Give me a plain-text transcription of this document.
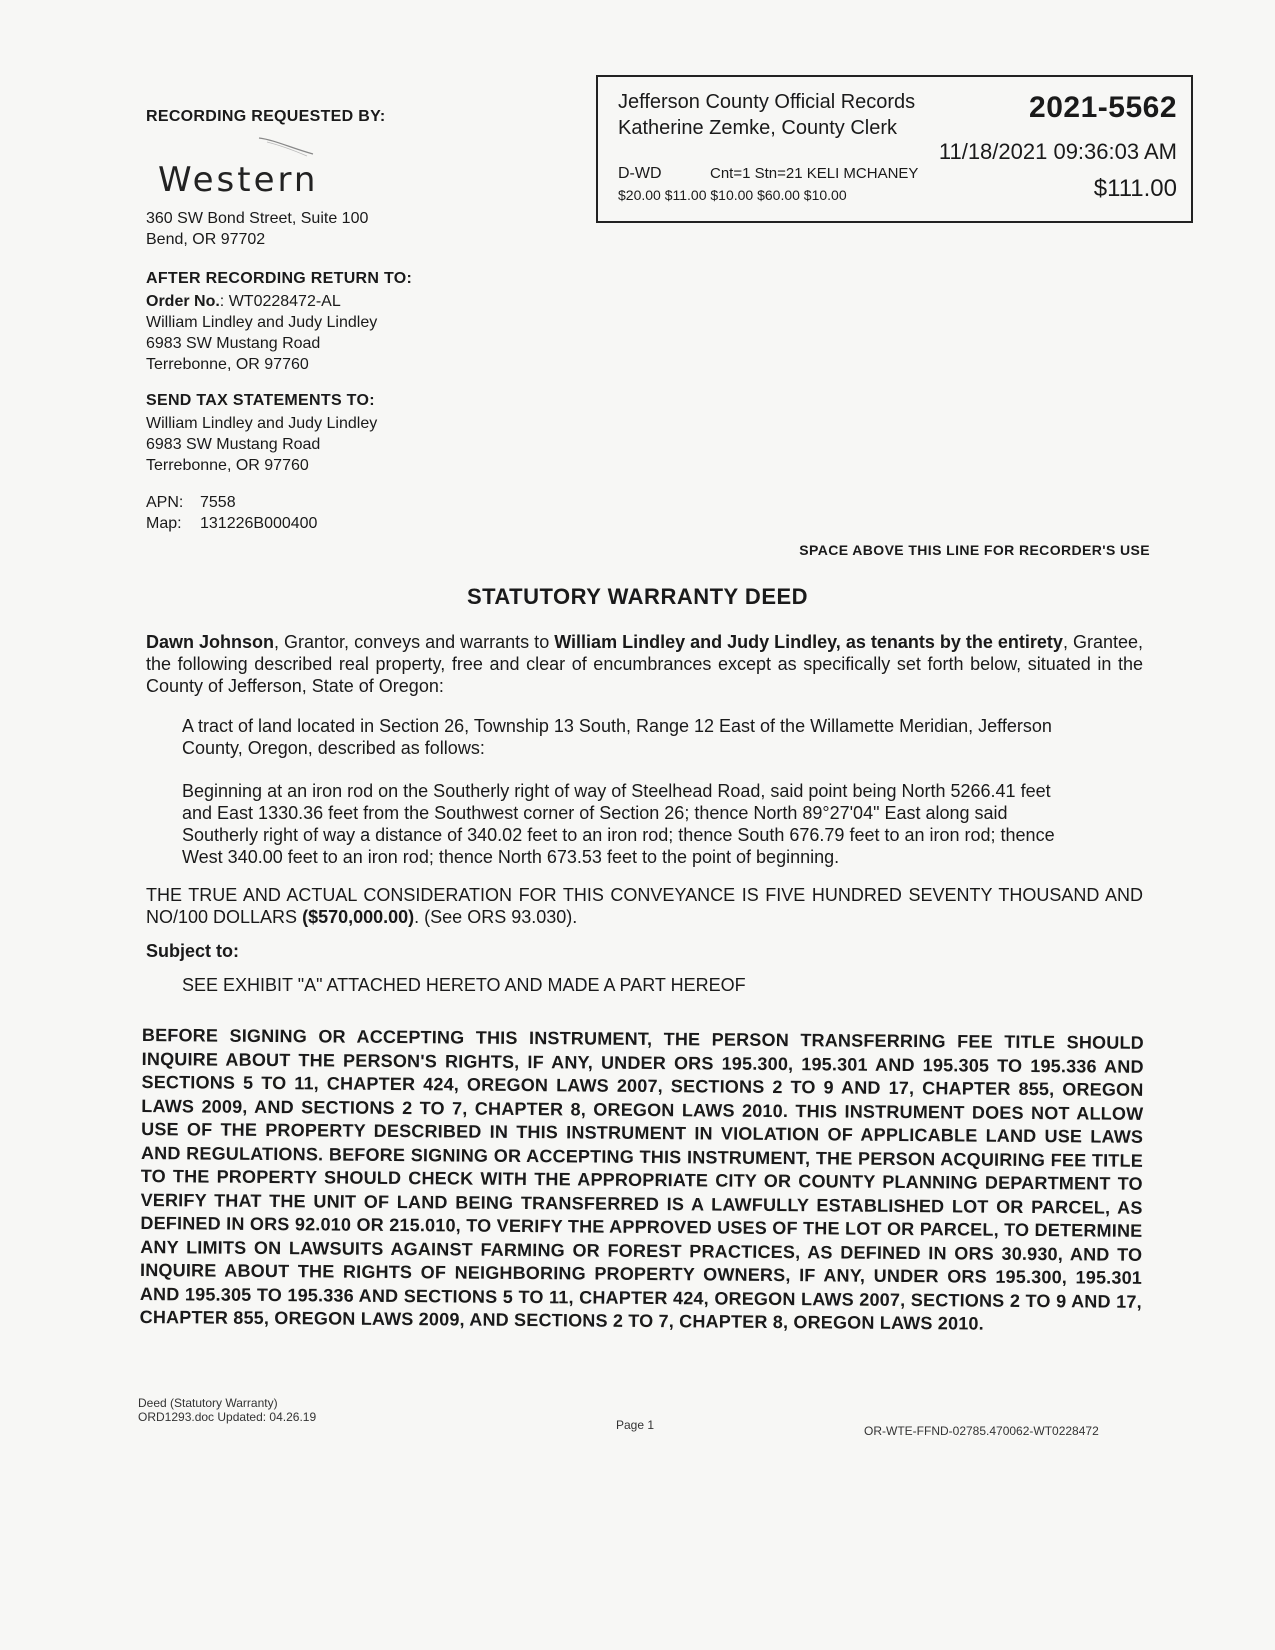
RECORDING REQUESTED BY:
Western
360 SW Bond Street, Suite 100
Bend, OR 97702
AFTER RECORDING RETURN TO:
Order No.: WT0228472-AL
William Lindley and Judy Lindley
6983 SW Mustang Road
Terrebonne, OR 97760
SEND TAX STATEMENTS TO:
William Lindley and Judy Lindley
6983 SW Mustang Road
Terrebonne, OR 97760
APN: 7558
Map: 131226B000400
Jefferson County Official Records
Katherine Zemke, County Clerk
2021-5562
11/18/2021 09:36:03 AM
D-WD	Cnt=1 Stn=21 KELI MCHANEY
$20.00 $11.00 $10.00 $60.00 $10.00	$111.00
SPACE ABOVE THIS LINE FOR RECORDER'S USE
STATUTORY WARRANTY DEED
Dawn Johnson, Grantor, conveys and warrants to William Lindley and Judy Lindley, as tenants by the entirety, Grantee, the following described real property, free and clear of encumbrances except as specifically set forth below, situated in the County of Jefferson, State of Oregon:
A tract of land located in Section 26, Township 13 South, Range 12 East of the Willamette Meridian, Jefferson County, Oregon, described as follows:
Beginning at an iron rod on the Southerly right of way of Steelhead Road, said point being North 5266.41 feet and East 1330.36 feet from the Southwest corner of Section 26; thence North 89°27'04" East along said Southerly right of way a distance of 340.02 feet to an iron rod; thence South 676.79 feet to an iron rod; thence West 340.00 feet to an iron rod; thence North 673.53 feet to the point of beginning.
THE TRUE AND ACTUAL CONSIDERATION FOR THIS CONVEYANCE IS FIVE HUNDRED SEVENTY THOUSAND AND NO/100 DOLLARS ($570,000.00). (See ORS 93.030).
Subject to:
SEE EXHIBIT "A" ATTACHED HERETO AND MADE A PART HEREOF
BEFORE SIGNING OR ACCEPTING THIS INSTRUMENT, THE PERSON TRANSFERRING FEE TITLE SHOULD INQUIRE ABOUT THE PERSON'S RIGHTS, IF ANY, UNDER ORS 195.300, 195.301 AND 195.305 TO 195.336 AND SECTIONS 5 TO 11, CHAPTER 424, OREGON LAWS 2007, SECTIONS 2 TO 9 AND 17, CHAPTER 855, OREGON LAWS 2009, AND SECTIONS 2 TO 7, CHAPTER 8, OREGON LAWS 2010. THIS INSTRUMENT DOES NOT ALLOW USE OF THE PROPERTY DESCRIBED IN THIS INSTRUMENT IN VIOLATION OF APPLICABLE LAND USE LAWS AND REGULATIONS. BEFORE SIGNING OR ACCEPTING THIS INSTRUMENT, THE PERSON ACQUIRING FEE TITLE TO THE PROPERTY SHOULD CHECK WITH THE APPROPRIATE CITY OR COUNTY PLANNING DEPARTMENT TO VERIFY THAT THE UNIT OF LAND BEING TRANSFERRED IS A LAWFULLY ESTABLISHED LOT OR PARCEL, AS DEFINED IN ORS 92.010 OR 215.010, TO VERIFY THE APPROVED USES OF THE LOT OR PARCEL, TO DETERMINE ANY LIMITS ON LAWSUITS AGAINST FARMING OR FOREST PRACTICES, AS DEFINED IN ORS 30.930, AND TO INQUIRE ABOUT THE RIGHTS OF NEIGHBORING PROPERTY OWNERS, IF ANY, UNDER ORS 195.300, 195.301 AND 195.305 TO 195.336 AND SECTIONS 5 TO 11, CHAPTER 424, OREGON LAWS 2007, SECTIONS 2 TO 9 AND 17, CHAPTER 855, OREGON LAWS 2009, AND SECTIONS 2 TO 7, CHAPTER 8, OREGON LAWS 2010.
Deed (Statutory Warranty)
ORD1293.doc Updated: 04.26.19
Page 1	OR-WTE-FFND-02785.470062-WT0228472
